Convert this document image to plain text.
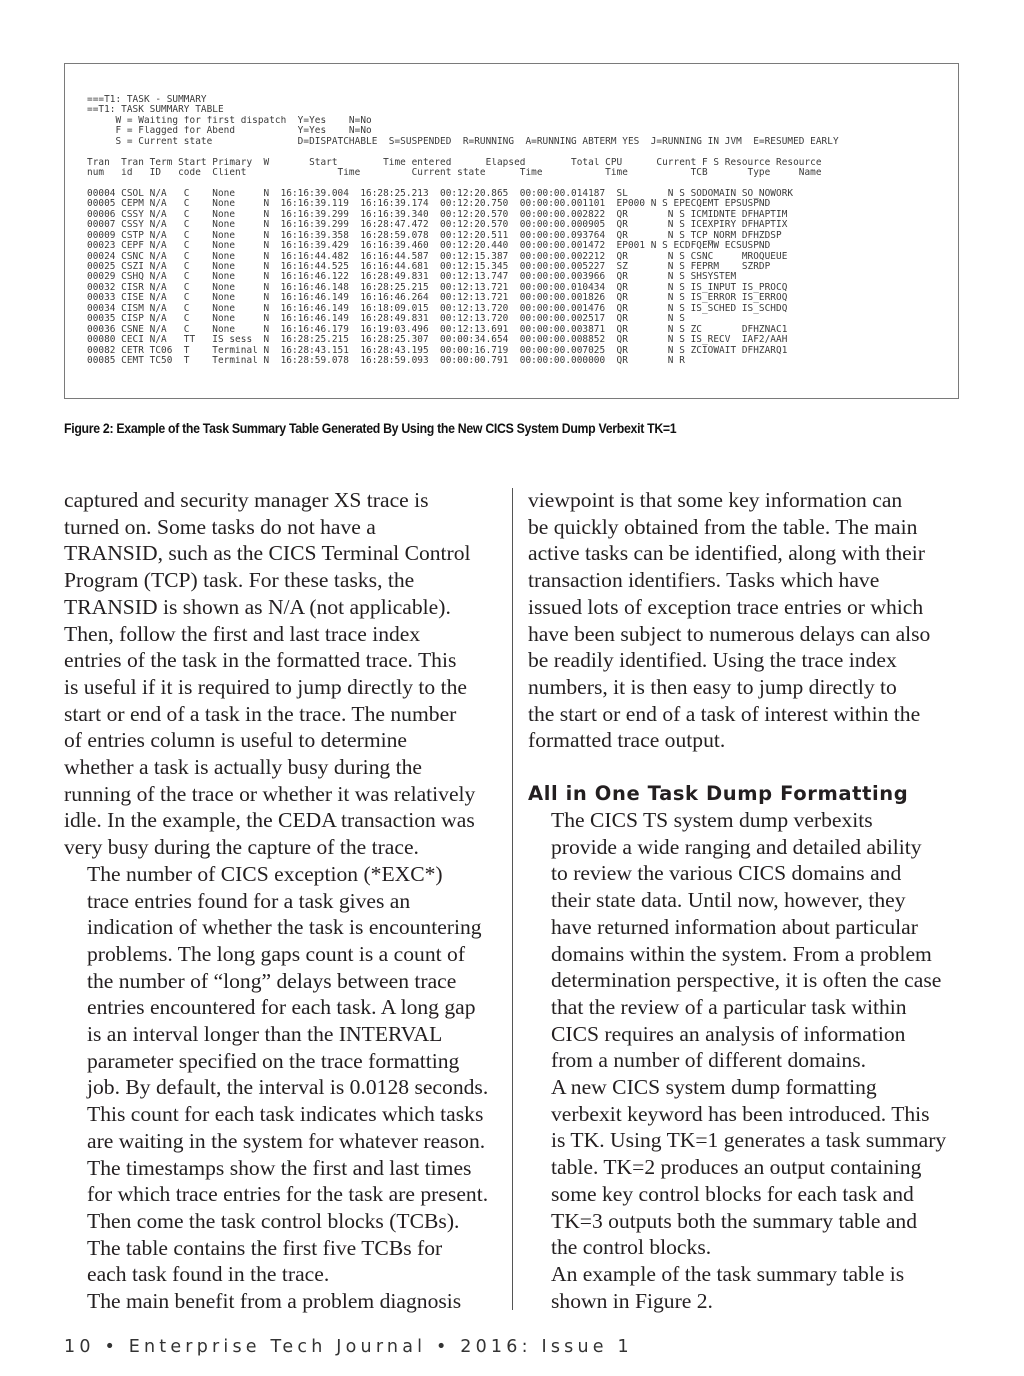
===T1: TASK - SUMMARY
==T1: TASK SUMMARY TABLE
W = Waiting for first dispatch  Y=Yes    N=No
F = Flagged for Abend           Y=Yes    N=No
S = Current state               D=DISPATCHABLE  S=SUSPENDED  R=RUNNING  A=RUNNING ABTERM YES  J=RUNNING IN JVM  E=RESUMED EARLY

Tran  Tran Term Start Primary  W       Start        Time entered      Elapsed        Total CPU      Current F S Resource Resource
num   id   ID   code  Client                Time         Current state      Time           Time           TCB       Type     Name

00004 CSOL N/A   C    None     N  16:16:39.004  16:28:25.213  00:12:20.865  00:00:00.014187  SL       N S SODOMAIN SO_NOWORK
00005 CEPM N/A   C    None     N  16:16:39.119  16:16:39.174  00:12:20.750  00:00:00.001101  EP000 N S EPECQEMT EPSUSPND
00006 CSSY N/A   C    None     N  16:16:39.299  16:16:39.340  00:12:20.570  00:00:00.002822  QR       N S ICMIDNTE DFHAPTIM
00007 CSSY N/A   C    None     N  16:16:39.299  16:28:47.472  00:12:20.570  00:00:00.000905  QR       N S ICEXPIRY DFHAPTIX
00009 CSTP N/A   C    None     N  16:16:39.358  16:28:59.078  00:12:20.511  00:00:00.093764  QR       N S TCP_NORM DFHZDSP
00023 CEPF N/A   C    None     N  16:16:39.429  16:16:39.460  00:12:20.440  00:00:00.001472  EP001 N S ECDFQEMW ECSUSPND
00024 CSNC N/A   C    None     N  16:16:44.482  16:16:44.587  00:12:15.387  00:00:00.002212  QR       N S CSNC     MROQUEUE
00025 CSZI N/A   C    None     N  16:16:44.525  16:16:44.681  00:12:15.345  00:00:00.005227  SZ       N S FEPRM    SZRDP
00029 CSHQ N/A   C    None     N  16:16:46.122  16:28:49.831  00:12:13.747  00:00:00.003966  QR       N S SHSYSTEM
00032 CISR N/A   C    None     N  16:16:46.148  16:28:25.215  00:12:13.721  00:00:00.010434  QR       N S IS_INPUT IS_PROCQ
00033 CISE N/A   C    None     N  16:16:46.149  16:16:46.264  00:12:13.721  00:00:00.001826  QR       N S IS_ERROR IS_ERROQ
00034 CISM N/A   C    None     N  16:16:46.149  16:18:09.015  00:12:13.720  00:00:00.001476  QR       N S IS_SCHED IS_SCHDQ
00035 CISP N/A   C    None     N  16:16:46.149  16:28:49.831  00:12:13.720  00:00:00.002517  QR       N S
00036 CSNE N/A   C    None     N  16:16:46.179  16:19:03.496  00:12:13.691  00:00:00.003871  QR       N S ZC       DFHZNAC1
00080 CECI N/A   TT   IS sess  N  16:28:25.215  16:28:25.307  00:00:34.654  00:00:00.008852  QR       N S IS_RECV  IAF2/AAH
00082 CETR TC06  T    Terminal N  16:28:43.151  16:28:43.195  00:00:16.719  00:00:00.007025  QR       N S ZCIOWAIT DFHZARQ1
00085 CEMT TC50  T    Terminal N  16:28:59.078  16:28:59.093  00:00:00.791  00:00:00.000000  QR       N R
Figure 2: Example of the Task Summary Table Generated By Using the New CICS System Dump Verbexit TK=1

captured and security manager XS trace is
turned on. Some tasks do not have a
TRANSID, such as the CICS Terminal Control
Program (TCP) task. For these tasks, the
TRANSID is shown as N/A (not applicable).
Then, follow the first and last trace index
entries of the task in the formatted trace. This
is useful if it is required to jump directly to the
start or end of a task in the trace. The number
of entries column is useful to determine
whether a task is actually busy during the
running of the trace or whether it was relatively
idle. In the example, the CEDA transaction was
very busy during the capture of the trace.

The number of CICS exception (*EXC*)
trace entries found for a task gives an
indication of whether the task is encountering
problems. The long gaps count is a count of
the number of “long” delays between trace
entries encountered for each task. A long gap
is an interval longer than the INTERVAL
parameter specified on the trace formatting
job. By default, the interval is 0.0128 seconds.
This count for each task indicates which tasks
are waiting in the system for whatever reason.

The timestamps show the first and last times
for which trace entries for the task are present.
Then come the task control blocks (TCBs).
The table contains the first five TCBs for
each task found in the trace.

The main benefit from a problem diagnosis

viewpoint is that some key information can
be quickly obtained from the table. The main
active tasks can be identified, along with their
transaction identifiers. Tasks which have
issued lots of exception trace entries or which
have been subject to numerous delays can also
be readily identified. Using the trace index
numbers, it is then easy to jump directly to
the start or end of a task of interest within the
formatted trace output.

All in One Task Dump Formatting

The CICS TS system dump verbexits
provide a wide ranging and detailed ability
to review the various CICS domains and
their state data. Until now, however, they
have returned information about particular
domains within the system. From a problem
determination perspective, it is often the case
that the review of a particular task within
CICS requires an analysis of information
from a number of different domains.

A new CICS system dump formatting
verbexit keyword has been introduced. This
is TK. Using TK=1 generates a task summary
table. TK=2 produces an output containing
some key control blocks for each task and
TK=3 outputs both the summary table and
the control blocks.

An example of the task summary table is
shown in Figure 2.

10 • Enterprise Tech Journal • 2016: Issue 1
